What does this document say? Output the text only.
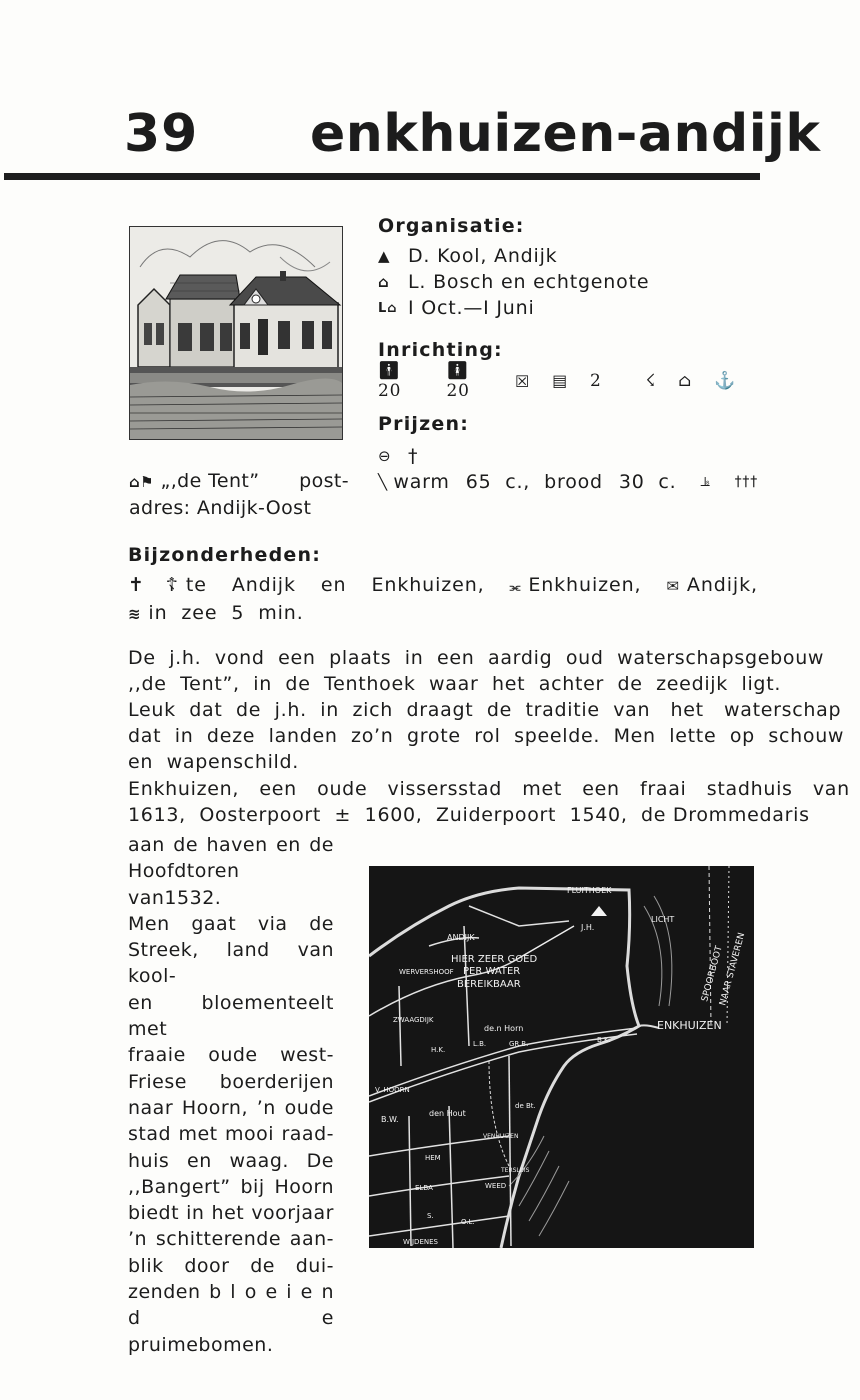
39 enkhuizen-andijk
⌂⚑ „,de Tent” post-
adres: Andijk-Oost
Organisatie:
▲ D. Kool, Andijk
⌂ L. Bosch en echtgenote
L⌂ I Oct.—I Juni
Inrichting:
🚹︎20
🚺︎20	☒ ▤ 2	☇ ⌂ ⚓
Prijzen:
⊖ †
╲ warm 65  c., brood 30  c. ⫡ †††
Bijzonderheden:
✝ ☦ te Andijk en Enkhuizen, ⫘ Enkhuizen, ✉ Andijk,
≋ in  zee  5  min.
De  j.h.  vond  een  plaats  in  een  aardig  oud  waterschapsgebouw
,,de  Tent”,  in  de  Tenthoek  waar  het  achter  de  zeedijk  ligt.
Leuk  dat  de  j.h.  in  zich  draagt  de  traditie  van   het   waterschap
dat  in  deze  landen  zo’n  grote  rol  speelde.  Men  lette  op  schouw
en  wapenschild.
Enkhuizen,   een   oude   vissersstad   met   een   fraai   stadhuis   van
1613,  Oosterpoort  ±  1600,  Zuiderpoort  1540,  de Drommedaris
aan de haven en de
Hoofdtoren van1532.
Men gaat via de
Streek, land van kool-
en bloementeelt met
fraaie oude west-
Friese boerderijen
naar Hoorn, ’n oude
stad met mooi raad-
huis en waag. De
,,Bangert” bij Hoorn
biedt in het voorjaar
’n schitterende aan-
blik door de dui-
zenden b l o e i e n d e
pruimebomen.
FLUITHOEK
J.H.
LICHT
ANDIJK
HIER ZEER GOED
PER WATER
BEREIKBAAR
WERVERSHOOF
ZWAAGDIJK
de.n Horn
L.B.	GR.B.	B.K.
H.K.
ENKHUIZEN
V. HOORN
B.W.
den Hout
de Bt.
VENHUIZEN
HEM
TERSLUIS
WEED
ELBA
S.
O.L.
WIJDENES
SPOORBOOT
NAAR STAVEREN
